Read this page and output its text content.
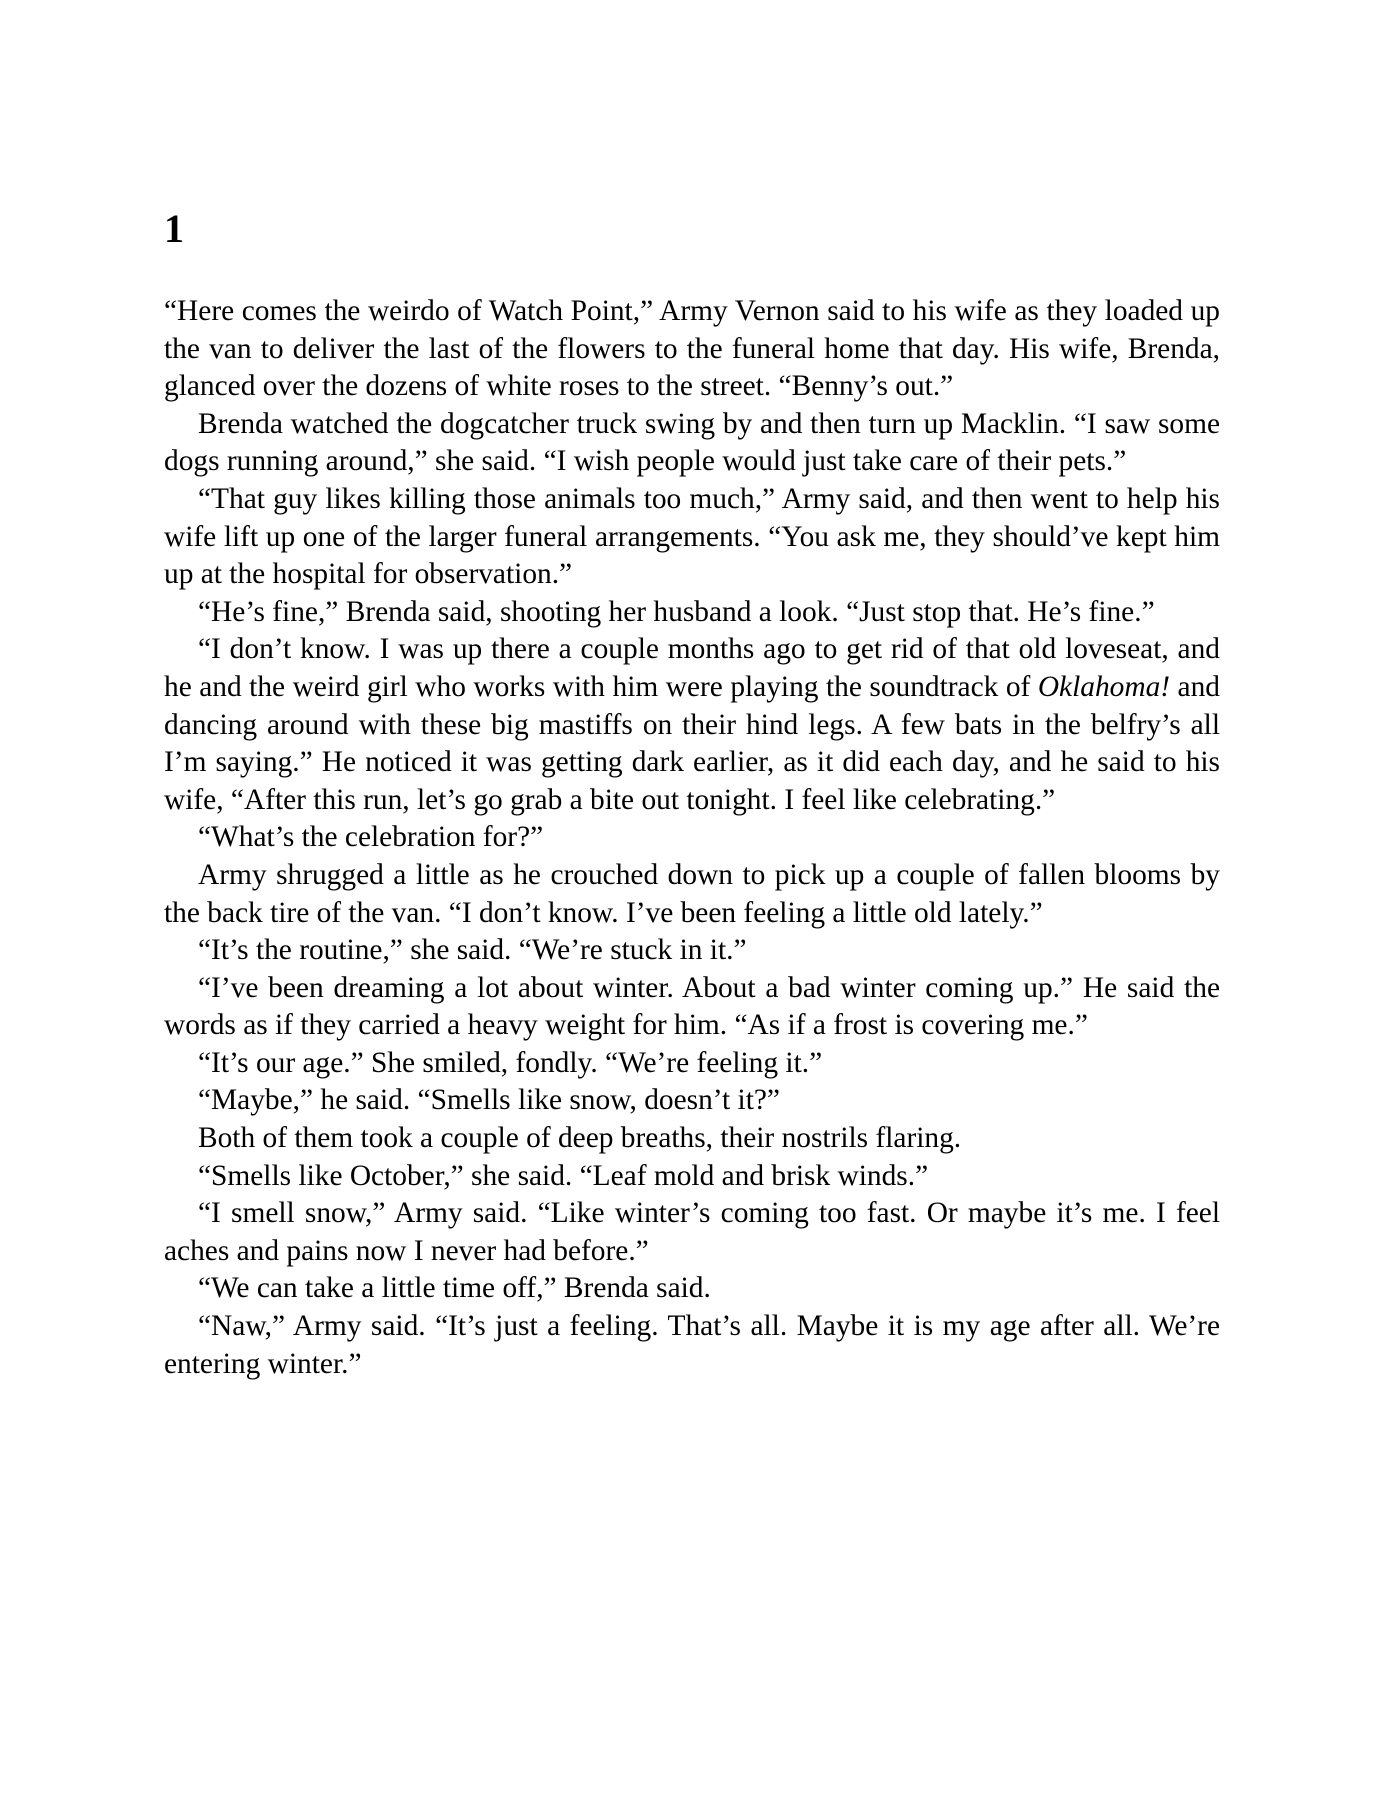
1

“Here comes the weirdo of Watch Point,” Army Vernon said to his wife as they loaded up the van to deliver the last of the flowers to the funeral home that day. His wife, Brenda, glanced over the dozens of white roses to the street. “Benny’s out.”

Brenda watched the dogcatcher truck swing by and then turn up Macklin. “I saw some dogs running around,” she said. “I wish people would just take care of their pets.”

“That guy likes killing those animals too much,” Army said, and then went to help his wife lift up one of the larger funeral arrangements. “You ask me, they should’ve kept him up at the hospital for observation.”

“He’s fine,” Brenda said, shooting her husband a look. “Just stop that. He’s fine.”

“I don’t know. I was up there a couple months ago to get rid of that old loveseat, and he and the weird girl who works with him were playing the soundtrack of Oklahoma! and dancing around with these big mastiffs on their hind legs. A few bats in the belfry’s all I’m saying.” He noticed it was getting dark earlier, as it did each day, and he said to his wife, “After this run, let’s go grab a bite out tonight. I feel like celebrating.”

“What’s the celebration for?”

Army shrugged a little as he crouched down to pick up a couple of fallen blooms by the back tire of the van. “I don’t know. I’ve been feeling a little old lately.”

“It’s the routine,” she said. “We’re stuck in it.”

“I’ve been dreaming a lot about winter. About a bad winter coming up.” He said the words as if they carried a heavy weight for him. “As if a frost is covering me.”

“It’s our age.” She smiled, fondly. “We’re feeling it.”

“Maybe,” he said. “Smells like snow, doesn’t it?”

Both of them took a couple of deep breaths, their nostrils flaring.

“Smells like October,” she said. “Leaf mold and brisk winds.”

“I smell snow,” Army said. “Like winter’s coming too fast. Or maybe it’s me. I feel aches and pains now I never had before.”

“We can take a little time off,” Brenda said.

“Naw,” Army said. “It’s just a feeling. That’s all. Maybe it is my age after all. We’re entering winter.”
